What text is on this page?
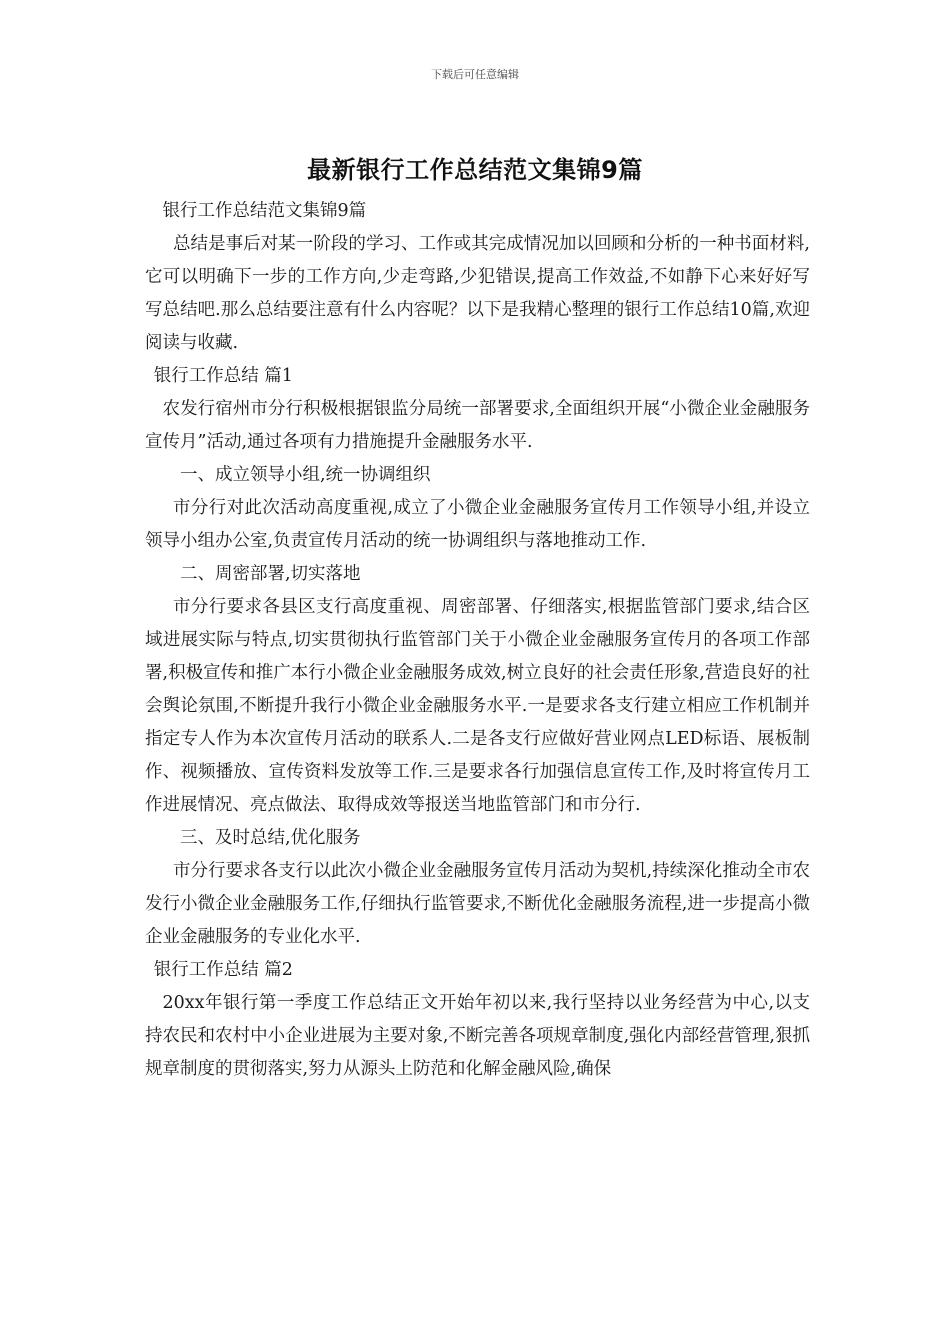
下载后可任意编辑
最新银行工作总结范文集锦9篇

银行工作总结范文集锦9篇

总结是事后对某一阶段的学习、工作或其完成情况加以回顾和分析的一种书面材料,它可以明确下一步的工作方向,少走弯路,少犯错误,提高工作效益,不如静下心来好好写写总结吧.那么总结要注意有什么内容呢？以下是我精心整理的银行工作总结10篇,欢迎阅读与收藏.

银行工作总结 篇1

农发行宿州市分行积极根据银监分局统一部署要求,全面组织开展“小微企业金融服务宣传月”活动,通过各项有力措施提升金融服务水平.

一、成立领导小组,统一协调组织

市分行对此次活动高度重视,成立了小微企业金融服务宣传月工作领导小组,并设立领导小组办公室,负责宣传月活动的统一协调组织与落地推动工作.

二、周密部署,切实落地

市分行要求各县区支行高度重视、周密部署、仔细落实,根据监管部门要求,结合区域进展实际与特点,切实贯彻执行监管部门关于小微企业金融服务宣传月的各项工作部署,积极宣传和推广本行小微企业金融服务成效,树立良好的社会责任形象,营造良好的社会舆论氛围,不断提升我行小微企业金融服务水平.一是要求各支行建立相应工作机制并指定专人作为本次宣传月活动的联系人.二是各支行应做好营业网点LED标语、展板制作、视频播放、宣传资料发放等工作.三是要求各行加强信息宣传工作,及时将宣传月工作进展情况、亮点做法、取得成效等报送当地监管部门和市分行.

三、及时总结,优化服务

市分行要求各支行以此次小微企业金融服务宣传月活动为契机,持续深化推动全市农发行小微企业金融服务工作,仔细执行监管要求,不断优化金融服务流程,进一步提高小微企业金融服务的专业化水平.

银行工作总结 篇2

20xx年银行第一季度工作总结正文开始年初以来,我行坚持以业务经营为中心,以支持农民和农村中小企业进展为主要对象,不断完善各项规章制度,强化内部经营管理,狠抓规章制度的贯彻落实,努力从源头上防范和化解金融风险,确保
